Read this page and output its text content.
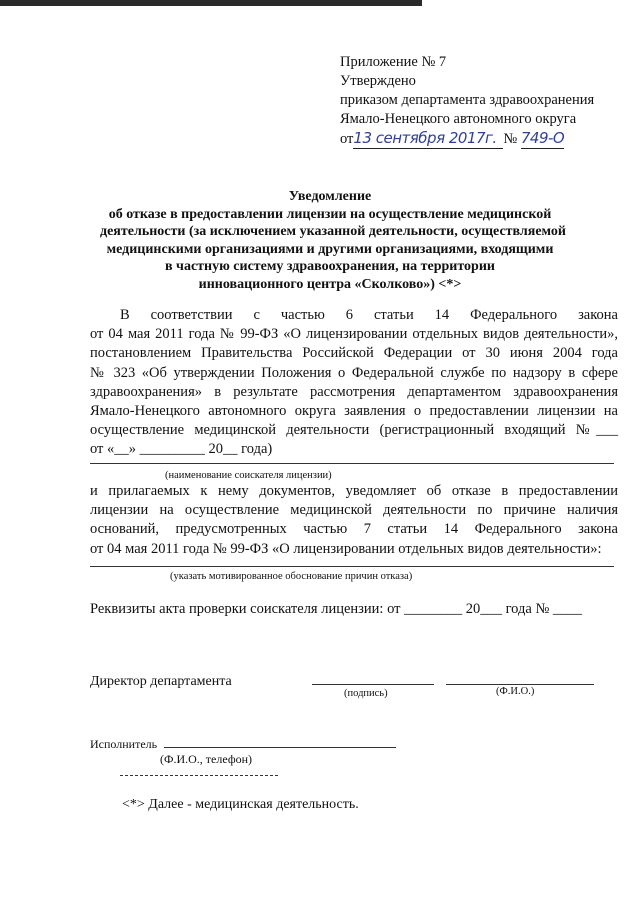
Приложение № 7
Утверждено
приказом департамента здравоохранения
Ямало-Ненецкого автономного округа
от13 сентября 2017г. № 749-О
Уведомление
об отказе в предоставлении лицензии на осуществление медицинской
деятельности (за исключением указанной деятельности, осуществляемой
медицинскими организациями и другими организациями, входящими
в частную систему здравоохранения, на территории
инновационного центра «Сколково») <*>
В соответствии с частью 6 статьи 14 Федерального закона
от 04 мая 2011 года № 99-ФЗ «О лицензировании отдельных видов деятельности»,
постановлением Правительства Российской Федерации от 30 июня 2004 года
№ 323 «Об утверждении Положения о Федеральной службе по надзору в сфере
здравоохранения» в результате рассмотрения департаментом здравоохранения
Ямало-Ненецкого автономного округа заявления о предоставлении лицензии на
осуществление медицинской деятельности (регистрационный входящий №___
от «__» _________ 20__ года)
(наименование соискателя лицензии)
и прилагаемых к нему документов, уведомляет об отказе в предоставлении
лицензии на осуществление медицинской деятельности по причине наличия
оснований, предусмотренных частью 7 статьи 14 Федерального закона
от 04 мая 2011 года № 99-ФЗ «О лицензировании отдельных видов деятельности»:
(указать мотивированное обоснование причин отказа)
Реквизиты акта проверки соискателя лицензии: от ________ 20___ года № ____
Директор департамента
(подпись)	(Ф.И.О.)
Исполнитель
(Ф.И.О., телефон)
<*> Далее - медицинская деятельность.
